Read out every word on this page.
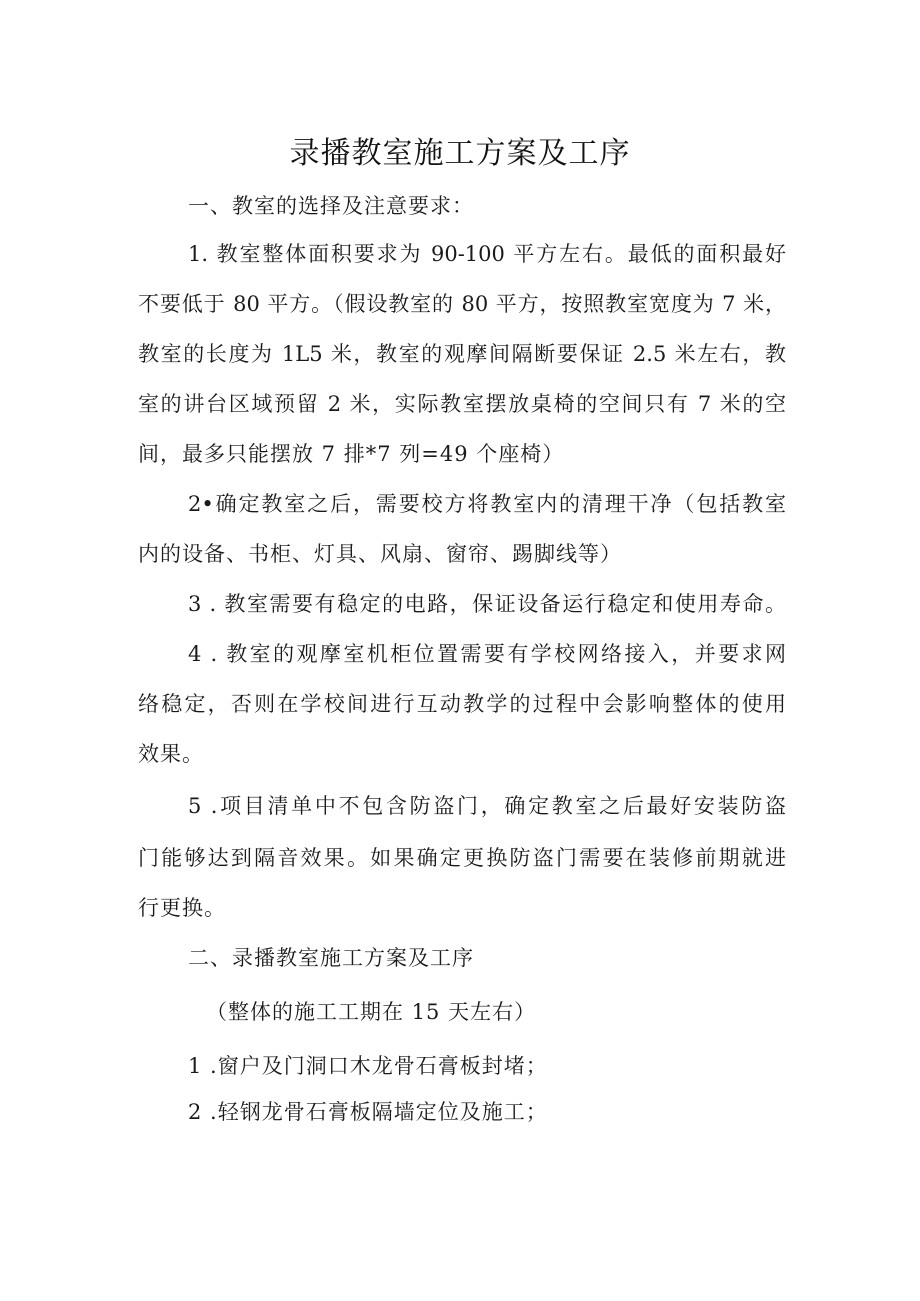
录播教室施工方案及工序
一、教室的选择及注意要求：
1. 教室整体面积要求为 90-100 平方左右。最低的面积最好
不要低于 80 平方。（假设教室的 80 平方，按照教室宽度为 7 米，
教室的长度为 1L5 米，教室的观摩间隔断要保证 2.5 米左右，教
室的讲台区域预留 2 米，实际教室摆放桌椅的空间只有 7 米的空
间，最多只能摆放 7 排*7 列=49 个座椅）
2•确定教室之后，需要校方将教室内的清理干净（包括教室
内的设备、书柜、灯具、风扇、窗帘、踢脚线等）
3 . 教室需要有稳定的电路，保证设备运行稳定和使用寿命。
4 . 教室的观摩室机柜位置需要有学校网络接入，并要求网
络稳定，否则在学校间进行互动教学的过程中会影响整体的使用
效果。
5 .项目清单中不包含防盗门，确定教室之后最好安装防盗
门能够达到隔音效果。如果确定更换防盗门需要在装修前期就进
行更换。
二、录播教室施工方案及工序
（整体的施工工期在 15 天左右）
1 .窗户及门洞口木龙骨石膏板封堵；
2 .轻钢龙骨石膏板隔墙定位及施工；
